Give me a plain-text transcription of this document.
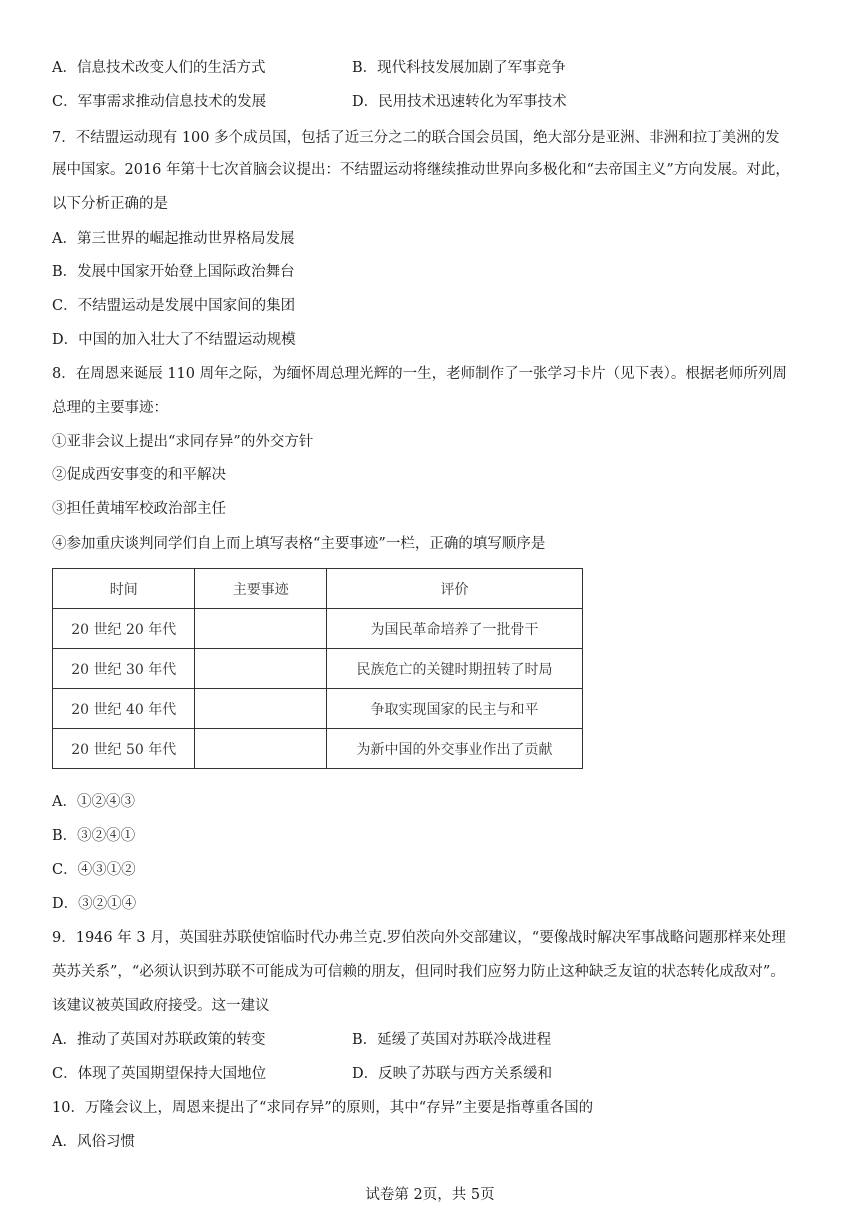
A．信息技术改变人们的生活方式	B．现代科技发展加剧了军事竞争
C．军事需求推动信息技术的发展	D．民用技术迅速转化为军事技术
7．不结盟运动现有 100 多个成员国，包括了近三分之二的联合国会员国，绝大部分是亚洲、非洲和拉丁美洲的发
展中国家。2016 年第十七次首脑会议提出：不结盟运动将继续推动世界向多极化和“去帝国主义”方向发展。对此，
以下分析正确的是
A．第三世界的崛起推动世界格局发展
B．发展中国家开始登上国际政治舞台
C．不结盟运动是发展中国家间的集团
D．中国的加入壮大了不结盟运动规模
8．在周恩来诞辰 110 周年之际，为缅怀周总理光辉的一生，老师制作了一张学习卡片（见下表）。根据老师所列周
总理的主要事迹：
①亚非会议上提出“求同存异”的外交方针
②促成西安事变的和平解决
③担任黄埔军校政治部主任
④参加重庆谈判同学们自上而上填写表格“主要事迹”一栏，正确的填写顺序是
时间	主要事迹	评价
20 世纪 20 年代		为国民革命培养了一批骨干
20 世纪 30 年代		民族危亡的关键时期扭转了时局
20 世纪 40 年代		争取实现国家的民主与和平
20 世纪 50 年代		为新中国的外交事业作出了贡献
A．①②④③
B．③②④①
C．④③①②
D．③②①④
9．1946 年 3 月，英国驻苏联使馆临时代办弗兰克.罗伯茨向外交部建议，“要像战时解决军事战略问题那样来处理
英苏关系”，“必须认识到苏联不可能成为可信赖的朋友，但同时我们应努力防止这种缺乏友谊的状态转化成敌对”。
该建议被英国政府接受。这一建议
A．推动了英国对苏联政策的转变	B．延缓了英国对苏联冷战进程
C．体现了英国期望保持大国地位	D．反映了苏联与西方关系缓和
10．万隆会议上，周恩来提出了“求同存异”的原则，其中“存异”主要是指尊重各国的
A．风俗习惯
试卷第 2页，共 5页
